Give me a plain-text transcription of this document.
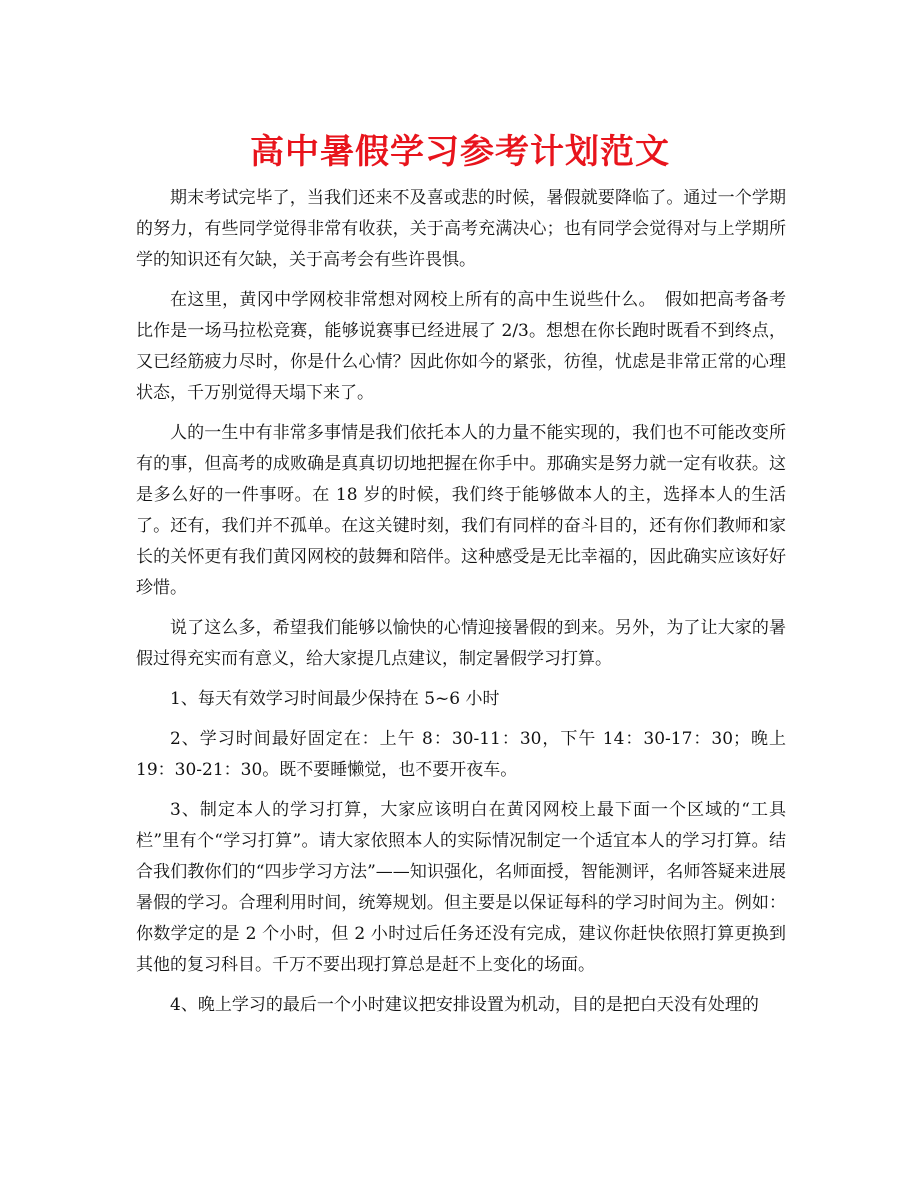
高中暑假学习参考计划范文

期末考试完毕了，当我们还来不及喜或悲的时候，暑假就要降临了。通过一个学期的努力，有些同学觉得非常有收获，关于高考充满决心；也有同学会觉得对与上学期所学的知识还有欠缺，关于高考会有些许畏惧。

在这里，黄冈中学网校非常想对网校上所有的高中生说些什么。　假如把高考备考比作是一场马拉松竞赛，能够说赛事已经进展了 2/3。想想在你长跑时既看不到终点，又已经筋疲力尽时，你是什么心情？因此你如今的紧张，彷徨，忧虑是非常正常的心理状态，千万别觉得天塌下来了。

人的一生中有非常多事情是我们依托本人的力量不能实现的，我们也不可能改变所有的事，但高考的成败确是真真切切地把握在你手中。那确实是努力就一定有收获。这是多么好的一件事呀。在 18 岁的时候，我们终于能够做本人的主，选择本人的生活了。还有，我们并不孤单。在这关键时刻，我们有同样的奋斗目的，还有你们教师和家长的关怀更有我们黄冈网校的鼓舞和陪伴。这种感受是无比幸福的，因此确实应该好好珍惜。

说了这么多，希望我们能够以愉快的心情迎接暑假的到来。另外，为了让大家的暑假过得充实而有意义，给大家提几点建议，制定暑假学习打算。

1、每天有效学习时间最少保持在 5~6 小时

2、学习时间最好固定在：上午 8：30-11：30，下午 14：30-17：30；晚上 19：30-21：30。既不要睡懒觉，也不要开夜车。

3、制定本人的学习打算，大家应该明白在黄冈网校上最下面一个区域的“工具栏”里有个“学习打算”。请大家依照本人的实际情况制定一个适宜本人的学习打算。结合我们教你们的“四步学习方法”——知识强化，名师面授，智能测评，名师答疑来进展暑假的学习。合理利用时间，统筹规划。但主要是以保证每科的学习时间为主。例如：你数学定的是 2 个小时，但 2 小时过后任务还没有完成，建议你赶快依照打算更换到其他的复习科目。千万不要出现打算总是赶不上变化的场面。

4、晚上学习的最后一个小时建议把安排设置为机动，目的是把白天没有处理的
